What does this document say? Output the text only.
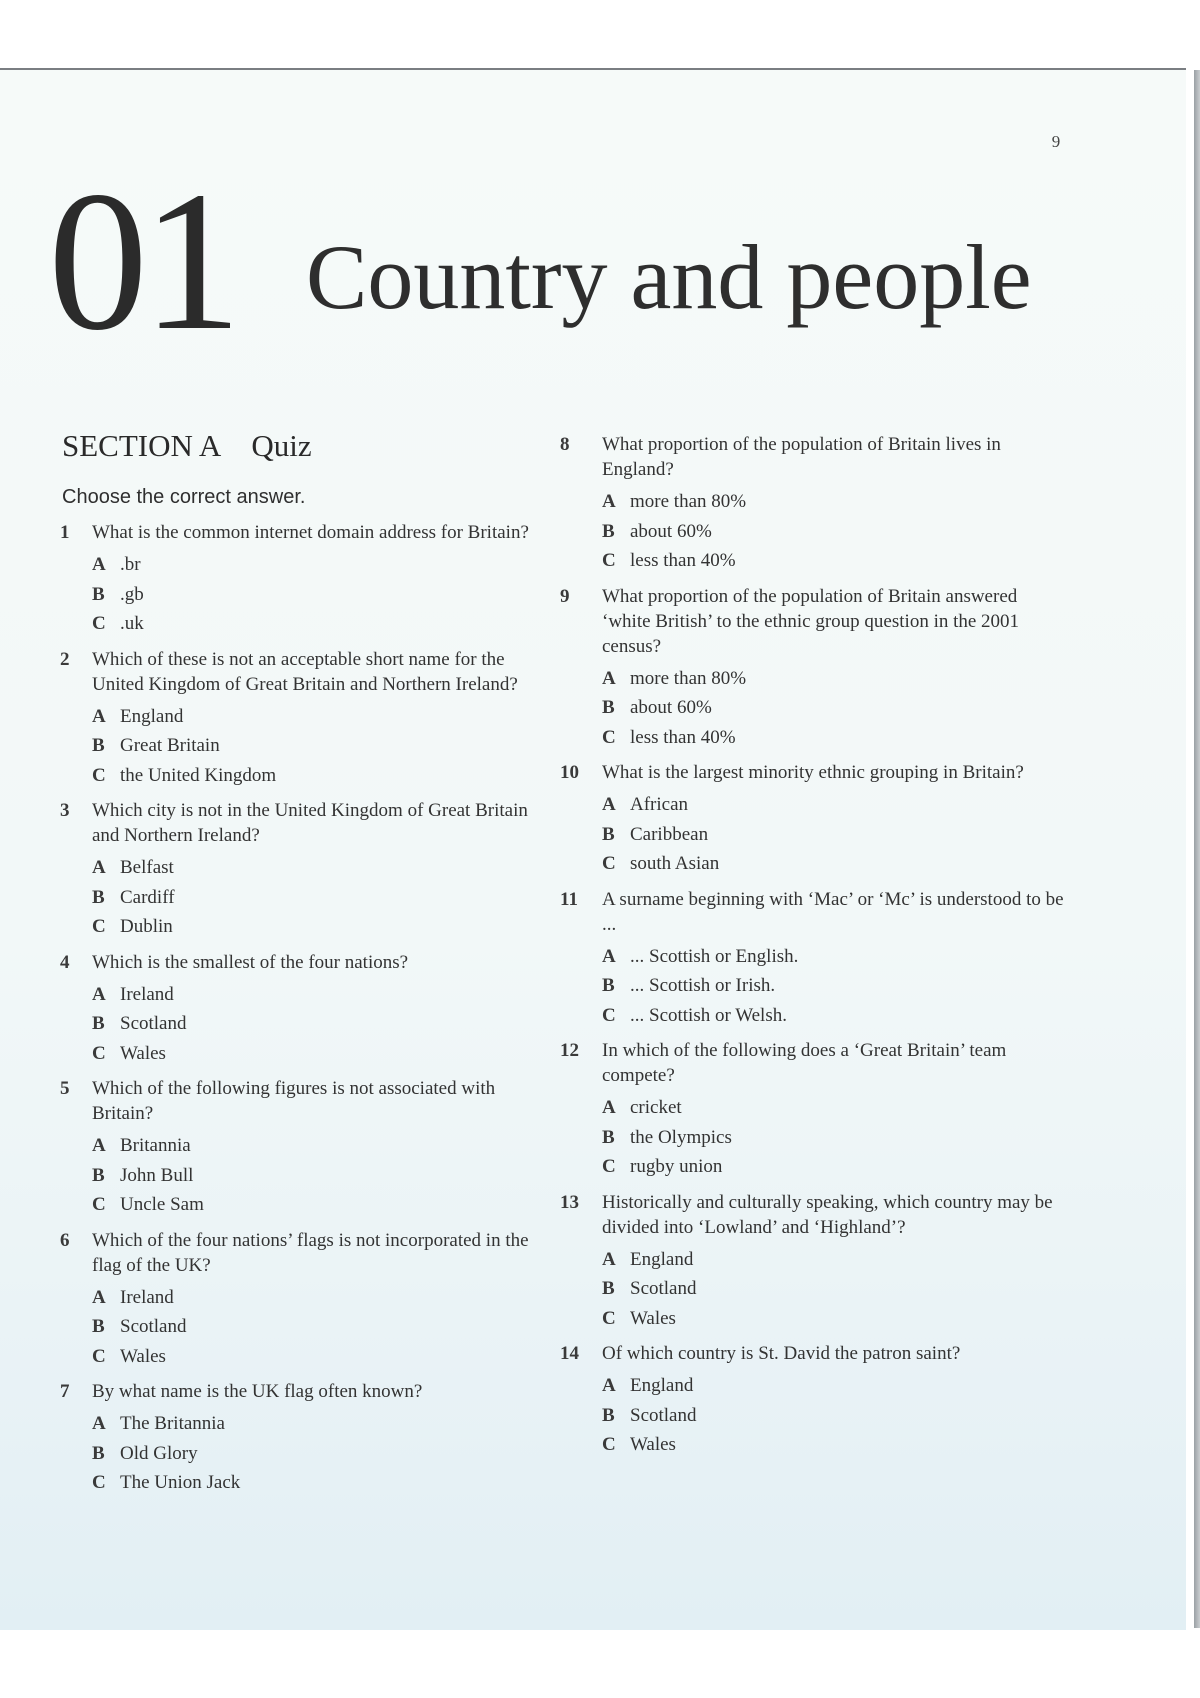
9
01 Country and people
SECTION A Quiz
Choose the correct answer.
1	What is the common internet domain address for Britain?
A .br
B .gb
C .uk
2	Which of these is not an acceptable short name for the United Kingdom of Great Britain and Northern Ireland?
A England
B Great Britain
C the United Kingdom
3	Which city is not in the United Kingdom of Great Britain and Northern Ireland?
A Belfast
B Cardiff
C Dublin
4	Which is the smallest of the four nations?
A Ireland
B Scotland
C Wales
5	Which of the following figures is not associated with Britain?
A Britannia
B John Bull
C Uncle Sam
6	Which of the four nations’ flags is not incorporated in the flag of the UK?
A Ireland
B Scotland
C Wales
7	By what name is the UK flag often known?
A The Britannia
B Old Glory
C The Union Jack
8	What proportion of the population of Britain lives in England?
A more than 80%
B about 60%
C less than 40%
9	What proportion of the population of Britain answered ‘white British’ to the ethnic group question in the 2001 census?
A more than 80%
B about 60%
C less than 40%
10	What is the largest minority ethnic grouping in Britain?
A African
B Caribbean
C south Asian
11	A surname beginning with ‘Mac’ or ‘Mc’ is understood to be ...
A ... Scottish or English.
B ... Scottish or Irish.
C ... Scottish or Welsh.
12	In which of the following does a ‘Great Britain’ team compete?
A cricket
B the Olympics
C rugby union
13	Historically and culturally speaking, which country may be divided into ‘Lowland’ and ‘Highland’?
A England
B Scotland
C Wales
14	Of which country is St. David the patron saint?
A England
B Scotland
C Wales
